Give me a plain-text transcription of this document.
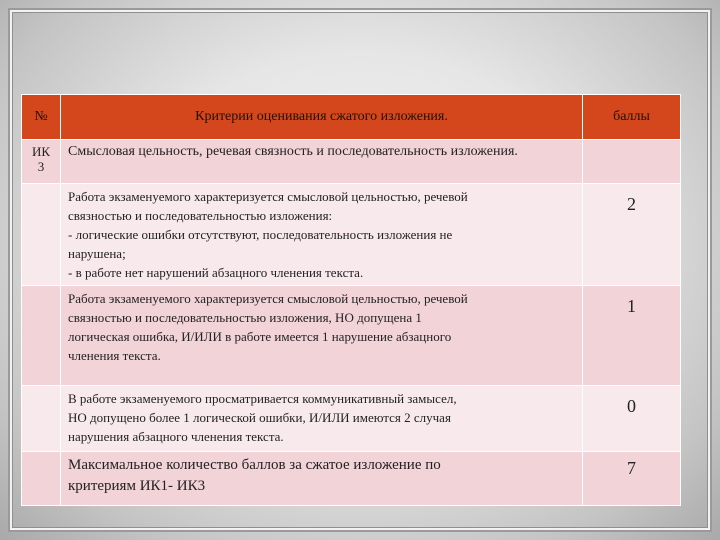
№	Критерии оценивания сжатого изложения.	баллы

ИК
3	Смысловая цельность, речевая связность и последовательность изложения.	

	Работа экзаменуемого характеризуется смысловой цельностью, речевой
связностью и последовательностью изложения:
- логические ошибки отсутствуют, последовательность изложения не
нарушена;
- в работе нет нарушений абзацного членения текста.	2

	Работа экзаменуемого характеризуется смысловой цельностью, речевой
связностью и последовательностью изложения, НО допущена 1
логическая ошибка, И/ИЛИ в работе имеется 1 нарушение абзацного
членения текста.	1

	В работе экзаменуемого просматривается коммуникативный замысел,
НО допущено более 1 логической ошибки, И/ИЛИ имеются 2 случая
нарушения абзацного членения текста.	0

	Максимальное количество баллов за сжатое изложение по
критериям ИК1- ИК3	7
